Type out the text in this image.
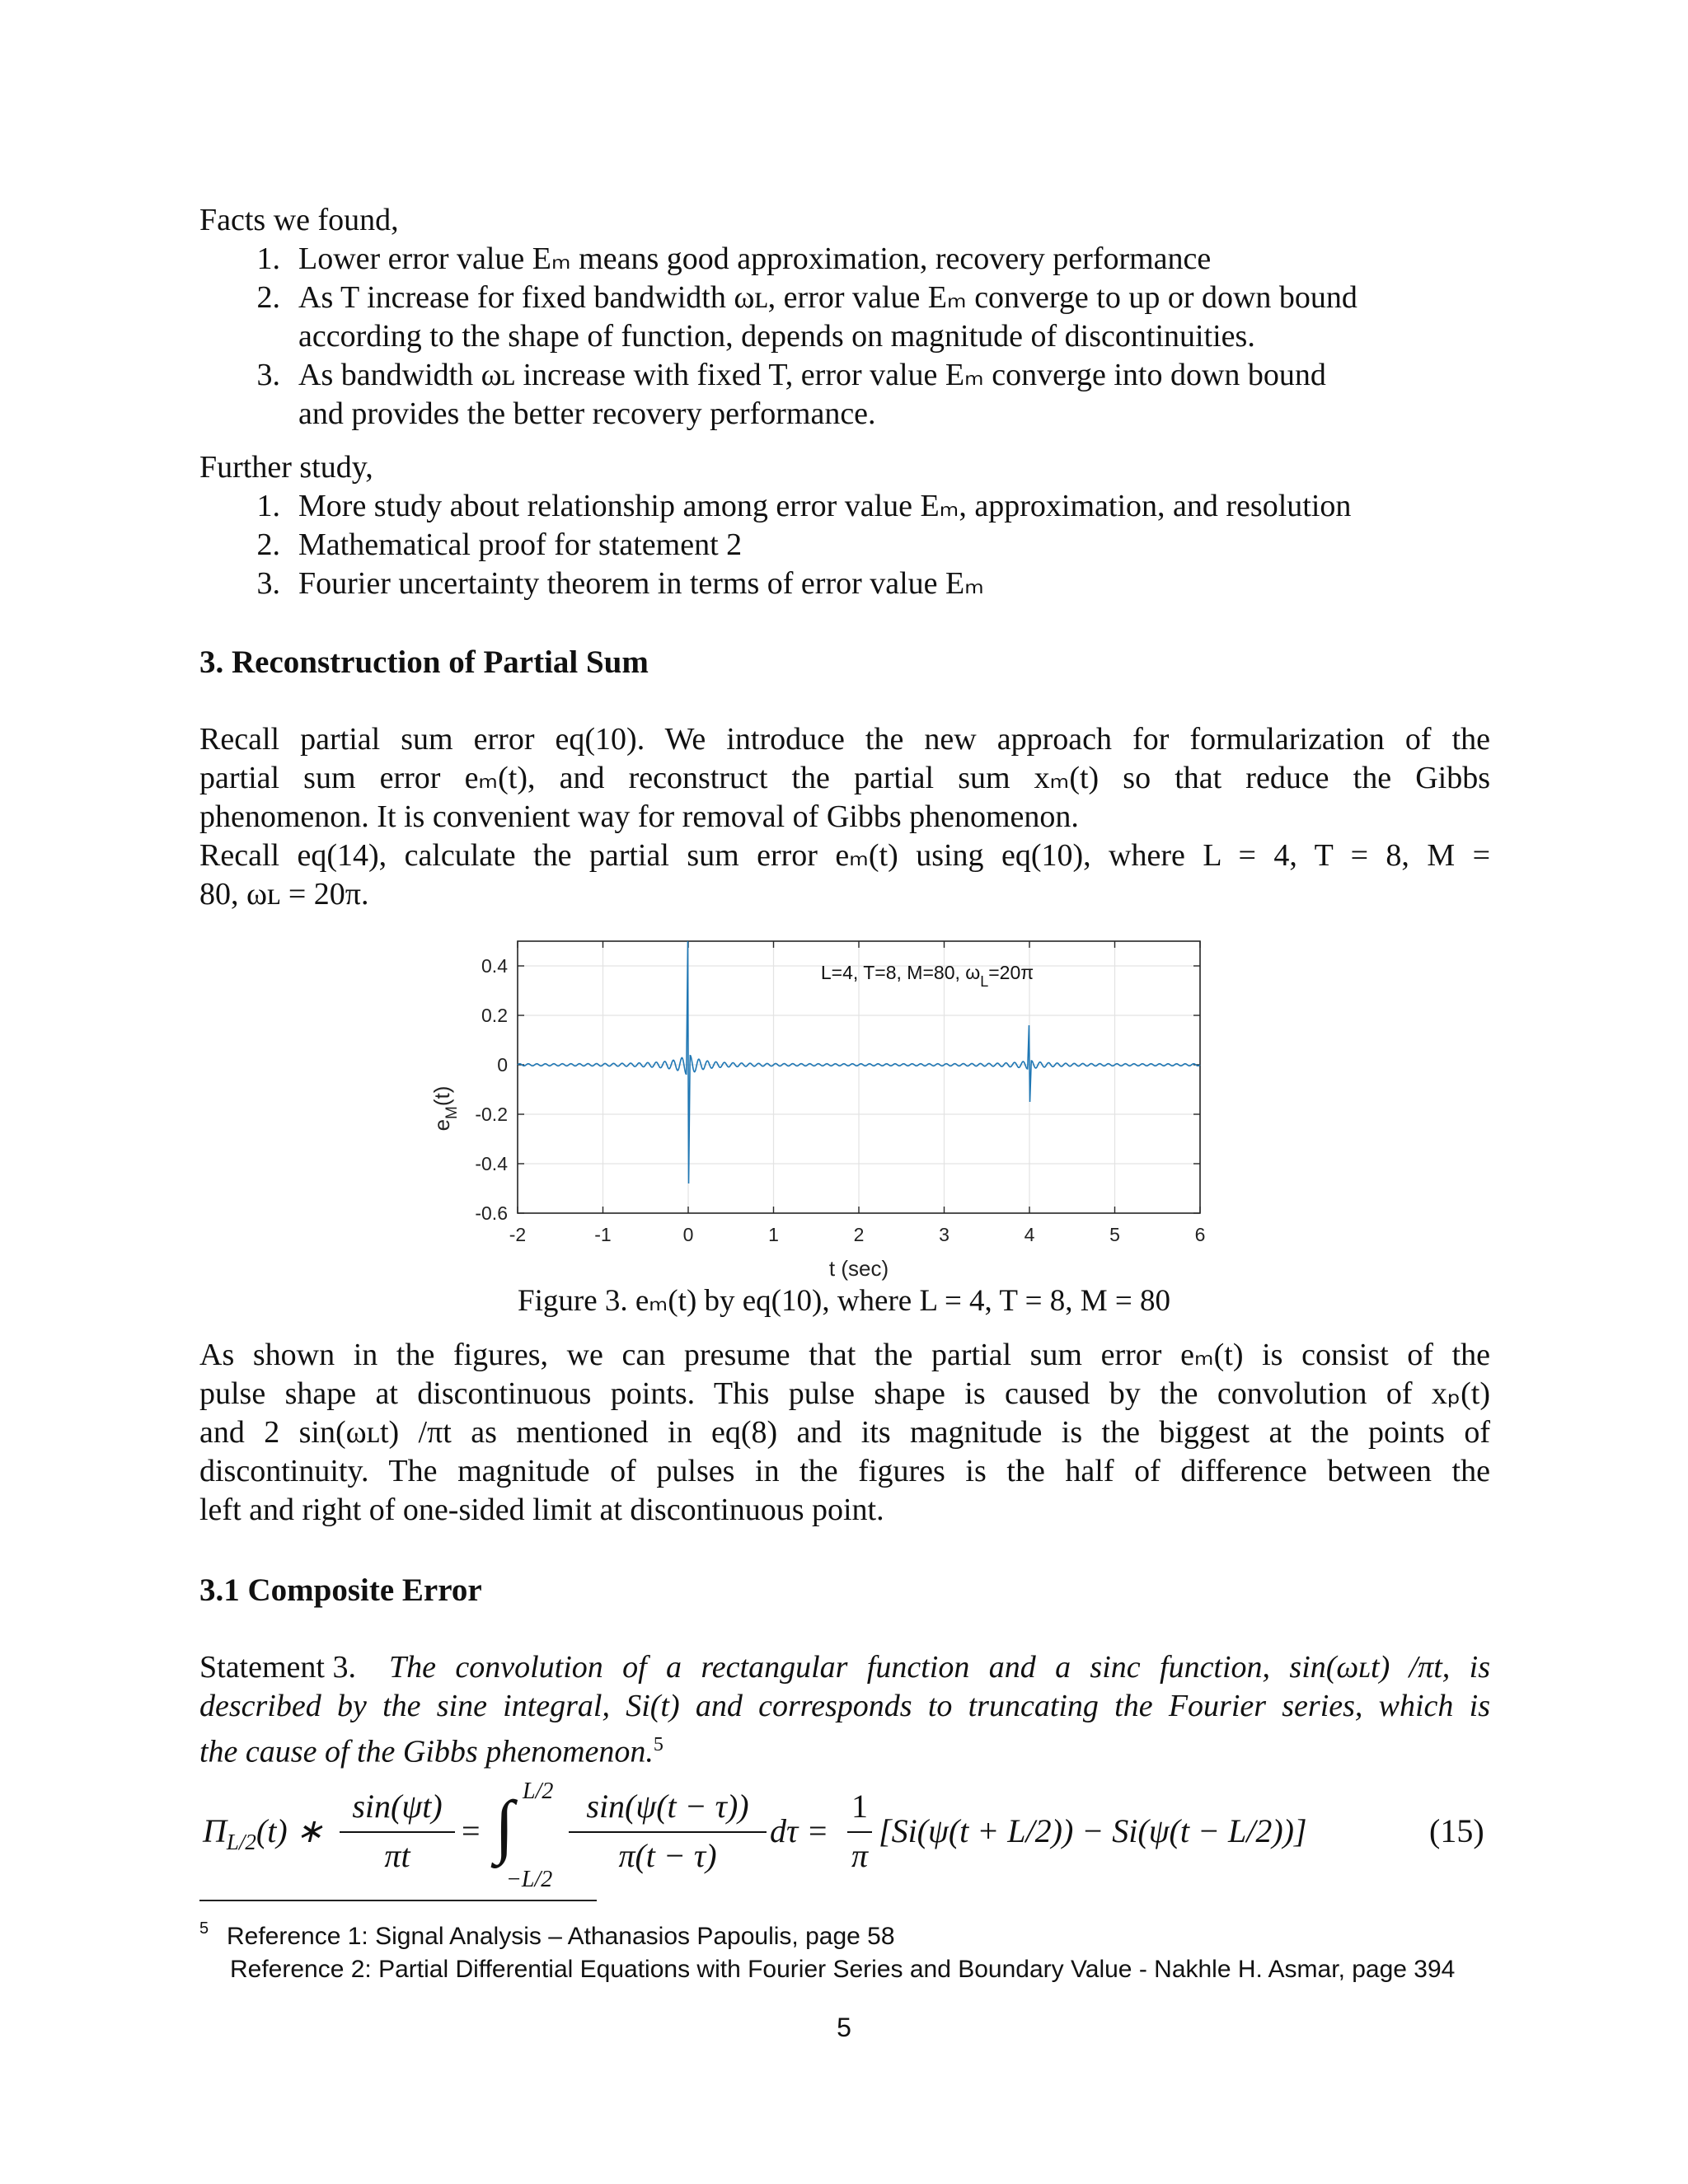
Facts we found,
1. Lower error value Eₘ means good approximation, recovery performance
2. As T increase for fixed bandwidth ωʟ, error value Eₘ converge to up or down bound
according to the shape of function, depends on magnitude of discontinuities.
3. As bandwidth ωʟ increase with fixed T, error value Eₘ converge into down bound
and provides the better recovery performance.
Further study,
1. More study about relationship among error value Eₘ, approximation, and resolution
2. Mathematical proof for statement 2
3. Fourier uncertainty theorem in terms of error value Eₘ
3. Reconstruction of Partial Sum
Recall partial sum error eq(10). We introduce the new approach for formularization of the
partial sum error eₘ(t), and reconstruct the partial sum xₘ(t) so that reduce the Gibbs
phenomenon. It is convenient way for removal of Gibbs phenomenon.
Recall eq(14), calculate the partial sum error eₘ(t) using eq(10), where L = 4, T = 8, M =
80, ωʟ = 20π.
-2	-1	0	1	2	3	4	5	6
0.4
0.2
0
-0.2
-0.4
-0.6
L=4, T=8, M=80, $\omega_L=20\pi$
t (sec)
$e_M(t)$
Figure 3. eₘ(t) by eq(10), where L = 4, T = 8, M = 80
As shown in the figures, we can presume that the partial sum error eₘ(t) is consist of the
pulse shape at discontinuous points. This pulse shape is caused by the convolution of xₚ(t)
and 2 sin(ωʟt) /πt as mentioned in eq(8) and its magnitude is the biggest at the points of
discontinuity. The magnitude of pulses in the figures is the half of difference between the
left and right of one-sided limit at discontinuous point.
3.1 Composite Error
Statement 3. The convolution of a rectangular function and a sinc function, sin(ωʟt) /πt, is
described by the sine integral, Si(t) and corresponds to truncating the Fourier series, which is
the cause of the Gibbs phenomenon.$^5$
$\Pi_{L/2}(t)$ ∗
sin(ψt)
πt
= ∫ L/2
−L/2
sin(ψ(t − τ))
π(t − τ)
dτ =
1
π
[Si(ψ(t + L/2)) − Si(ψ(t − L/2))]	(15)
5 Reference 1: Signal Analysis – Athanasios Papoulis, page 58
Reference 2: Partial Differential Equations with Fourier Series and Boundary Value - Nakhle H. Asmar, page 394
5
